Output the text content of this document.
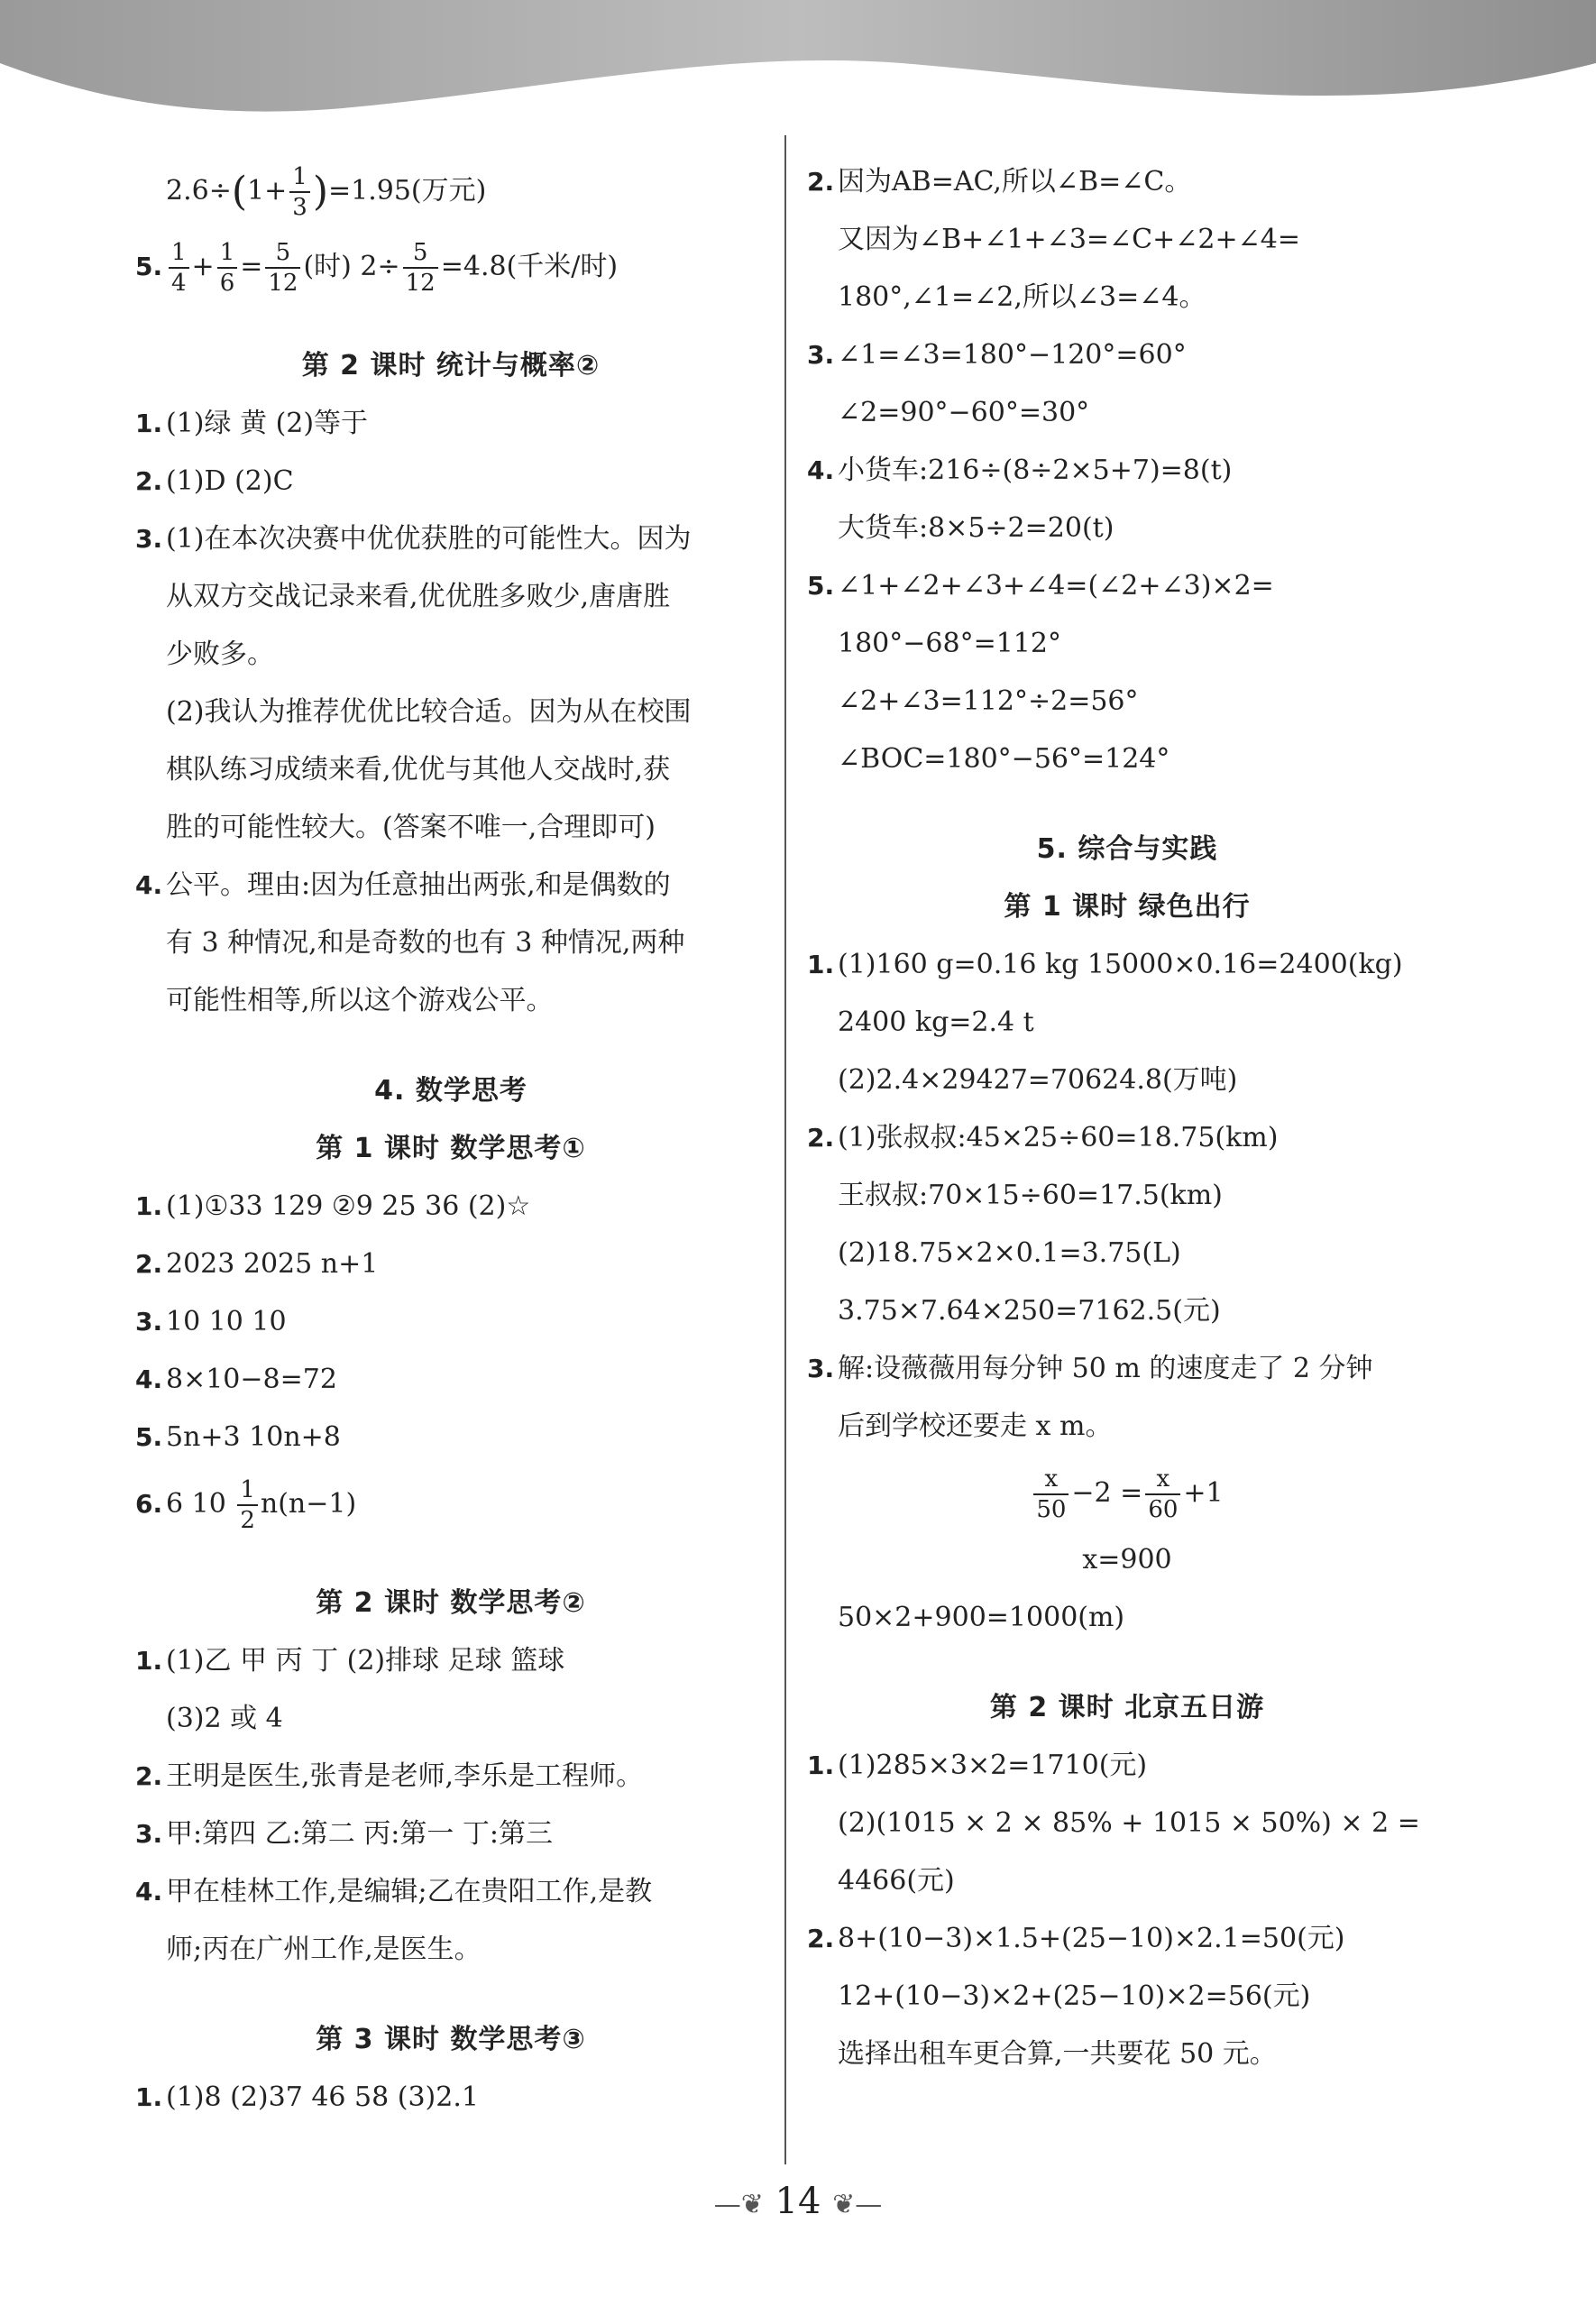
$2.6\div(1+ \frac{1}{3} )=1.95$(万元)
5. $\frac{1}{4} + \frac{1}{6} = \frac{5}{12}$ (时) $2\div \frac{5}{12} =4.8$(千米/时)
第 2 课时 统计与概率②
1. (1)绿 黄 (2)等于
2. (1)D (2)C
3. (1)在本次决赛中优优获胜的可能性大。因为
从双方交战记录来看,优优胜多败少,唐唐胜
少败多。
(2)我认为推荐优优比较合适。因为从在校围
棋队练习成绩来看,优优与其他人交战时,获
胜的可能性较大。(答案不唯一,合理即可)
4. 公平。理由:因为任意抽出两张,和是偶数的
有 3 种情况,和是奇数的也有 3 种情况,两种
可能性相等,所以这个游戏公平。
4. 数学思考
第 1 课时 数学思考①
1. (1)①33 129 ②9 25 36 (2)☆
2. 2023 2025 n+1
3. 10 10 10
4. 8×10−8=72
5. 5n+3 10n+8
6. 6 $10 \frac{1}{2} n(n-1)$
第 2 课时 数学思考②
1. (1)乙 甲 丙 丁 (2)排球 足球 篮球
(3)2 或 4
2. 王明是医生,张青是老师,李乐是工程师。
3. 甲:第四 乙:第二 丙:第一 丁:第三
4. 甲在桂林工作,是编辑;乙在贵阳工作,是教
师;丙在广州工作,是医生。
第 3 课时 数学思考③
1. (1)8 (2)37 46 58 (3)2.1
2. 因为AB=AC,所以∠B=∠C。
又因为∠B+∠1+∠3=∠C+∠2+∠4=
180°,∠1=∠2,所以∠3=∠4。
3. ∠1=∠3=180°−120°=60°
∠2=90°−60°=30°
4. 小货车:216÷(8÷2×5+7)=8(t)
大货车:8×5÷2=20(t)
5. ∠1+∠2+∠3+∠4=(∠2+∠3)×2=
180°−68°=112°
∠2+∠3=112°÷2=56°
∠BOC=180°−56°=124°
5. 综合与实践
第 1 课时 绿色出行
1. (1)160 g=0.16 kg 15000×0.16=2400(kg)
2400 kg=2.4 t
(2)2.4×29427=70624.8(万吨)
2. (1)张叔叔:45×25÷60=18.75(km)
王叔叔:70×15÷60=17.5(km)
(2)18.75×2×0.1=3.75(L)
3.75×7.64×250=7162.5(元)
3. 解:设薇薇用每分钟 50 m 的速度走了 2 分钟
后到学校还要走 x m。
$\frac{x}{50} -2 = \frac{x}{60} +1$
x=900
50×2+900=1000(m)
第 2 课时 北京五日游
1. (1)285×3×2=1710(元)
(2)(1015 × 2 × 85% + 1015 × 50%) × 2 =
4466(元)
2. 8+(10−3)×1.5+(25−10)×2.1=50(元)
12+(10−3)×2+(25−10)×2=56(元)
选择出租车更合算,一共要花 50 元。
—❦ 14 ❦—
